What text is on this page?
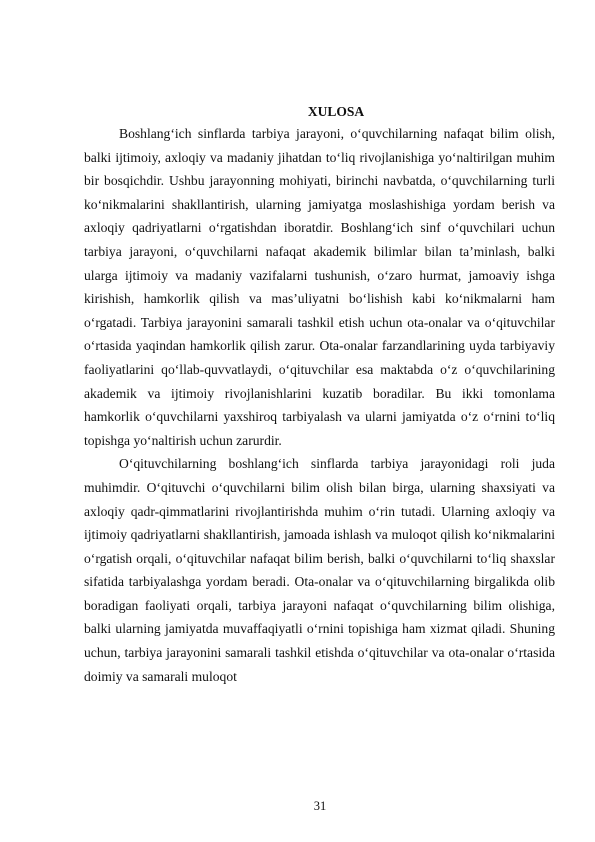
XULOSA

Boshlang‘ich sinflarda tarbiya jarayoni, o‘quvchilarning nafaqat bilim olish, balki ijtimoiy, axloqiy va madaniy jihatdan to‘liq rivojlanishiga yo‘naltirilgan muhim bir bosqichdir. Ushbu jarayonning mohiyati, birinchi navbatda, o‘quvchilarning turli ko‘nikmalarini shakllantirish, ularning jamiyatga moslashishiga yordam berish va axloqiy qadriyatlarni o‘rgatishdan iboratdir. Boshlang‘ich sinf o‘quvchilari uchun tarbiya jarayoni, o‘quvchilarni nafaqat akademik bilimlar bilan ta’minlash, balki ularga ijtimoiy va madaniy vazifalarni tushunish, o‘zaro hurmat, jamoaviy ishga kirishish, hamkorlik qilish va mas’uliyatni bo‘lishish kabi ko‘nikmalarni ham o‘rgatadi. Tarbiya jarayonini samarali tashkil etish uchun ota-onalar va o‘qituvchilar o‘rtasida yaqindan hamkorlik qilish zarur. Ota-onalar farzandlarining uyda tarbiyaviy faoliyatlarini qo‘llab-quvvatlaydi, o‘qituvchilar esa maktabda o‘z o‘quvchilarining akademik va ijtimoiy rivojlanishlarini kuzatib boradilar. Bu ikki tomonlama hamkorlik o‘quvchilarni yaxshiroq tarbiyalash va ularni jamiyatda o‘z o‘rnini to‘liq topishga yo‘naltirish uchun zarurdir.

O‘qituvchilarning boshlang‘ich sinflarda tarbiya jarayonidagi roli juda muhimdir. O‘qituvchi o‘quvchilarni bilim olish bilan birga, ularning shaxsiyati va axloqiy qadr-qimmatlarini rivojlantirishda muhim o‘rin tutadi. Ularning axloqiy va ijtimoiy qadriyatlarni shakllantirish, jamoada ishlash va muloqot qilish ko‘nikmalarini o‘rgatish orqali, o‘qituvchilar nafaqat bilim berish, balki o‘quvchilarni to‘liq shaxslar sifatida tarbiyalashga yordam beradi. Ota-onalar va o‘qituvchilarning birgalikda olib boradigan faoliyati orqali, tarbiya jarayoni nafaqat o‘quvchilarning bilim olishiga, balki ularning jamiyatda muvaffaqiyatli o‘rnini topishiga ham xizmat qiladi. Shuning uchun, tarbiya jarayonini samarali tashkil etishda o‘qituvchilar va ota-onalar o‘rtasida doimiy va samarali muloqot

31
